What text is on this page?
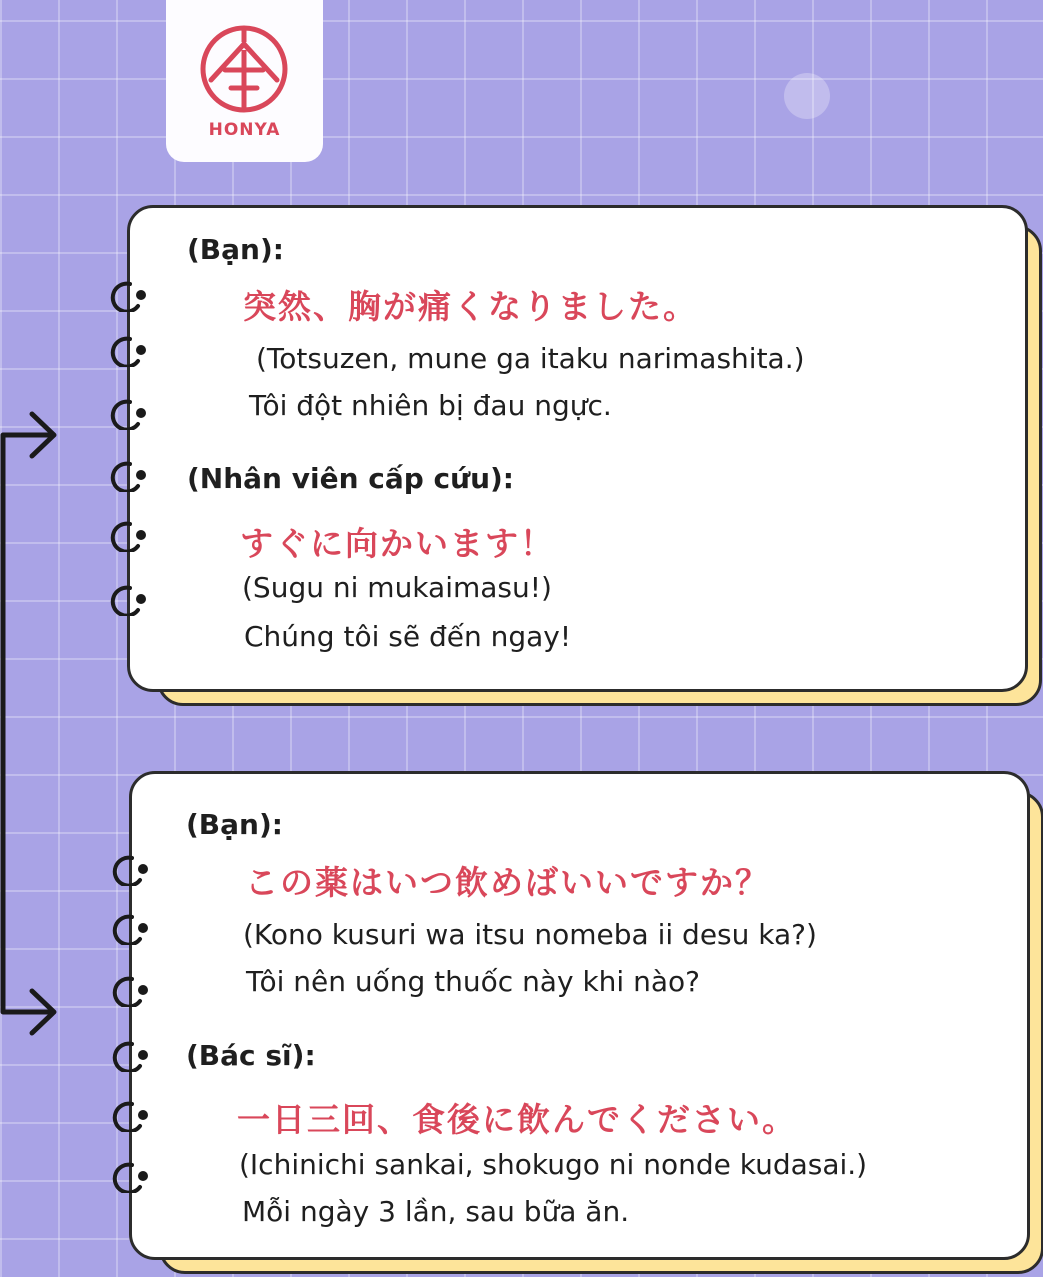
HONYA
(Bạn):
突然、胸が痛くなりました。
(Totsuzen, mune ga itaku narimashita.)
Tôi đột nhiên bị đau ngực.
(Nhân viên cấp cứu):
すぐに向かいます！
(Sugu ni mukaimasu!)
Chúng tôi sẽ đến ngay!
(Bạn):
この薬はいつ飲めばいいですか？
(Kono kusuri wa itsu nomeba ii desu ka?)
Tôi nên uống thuốc này khi nào?
(Bác sĩ):
一日三回、食後に飲んでください。
(Ichinichi sankai, shokugo ni nonde kudasai.)
Mỗi ngày 3 lần, sau bữa ăn.
